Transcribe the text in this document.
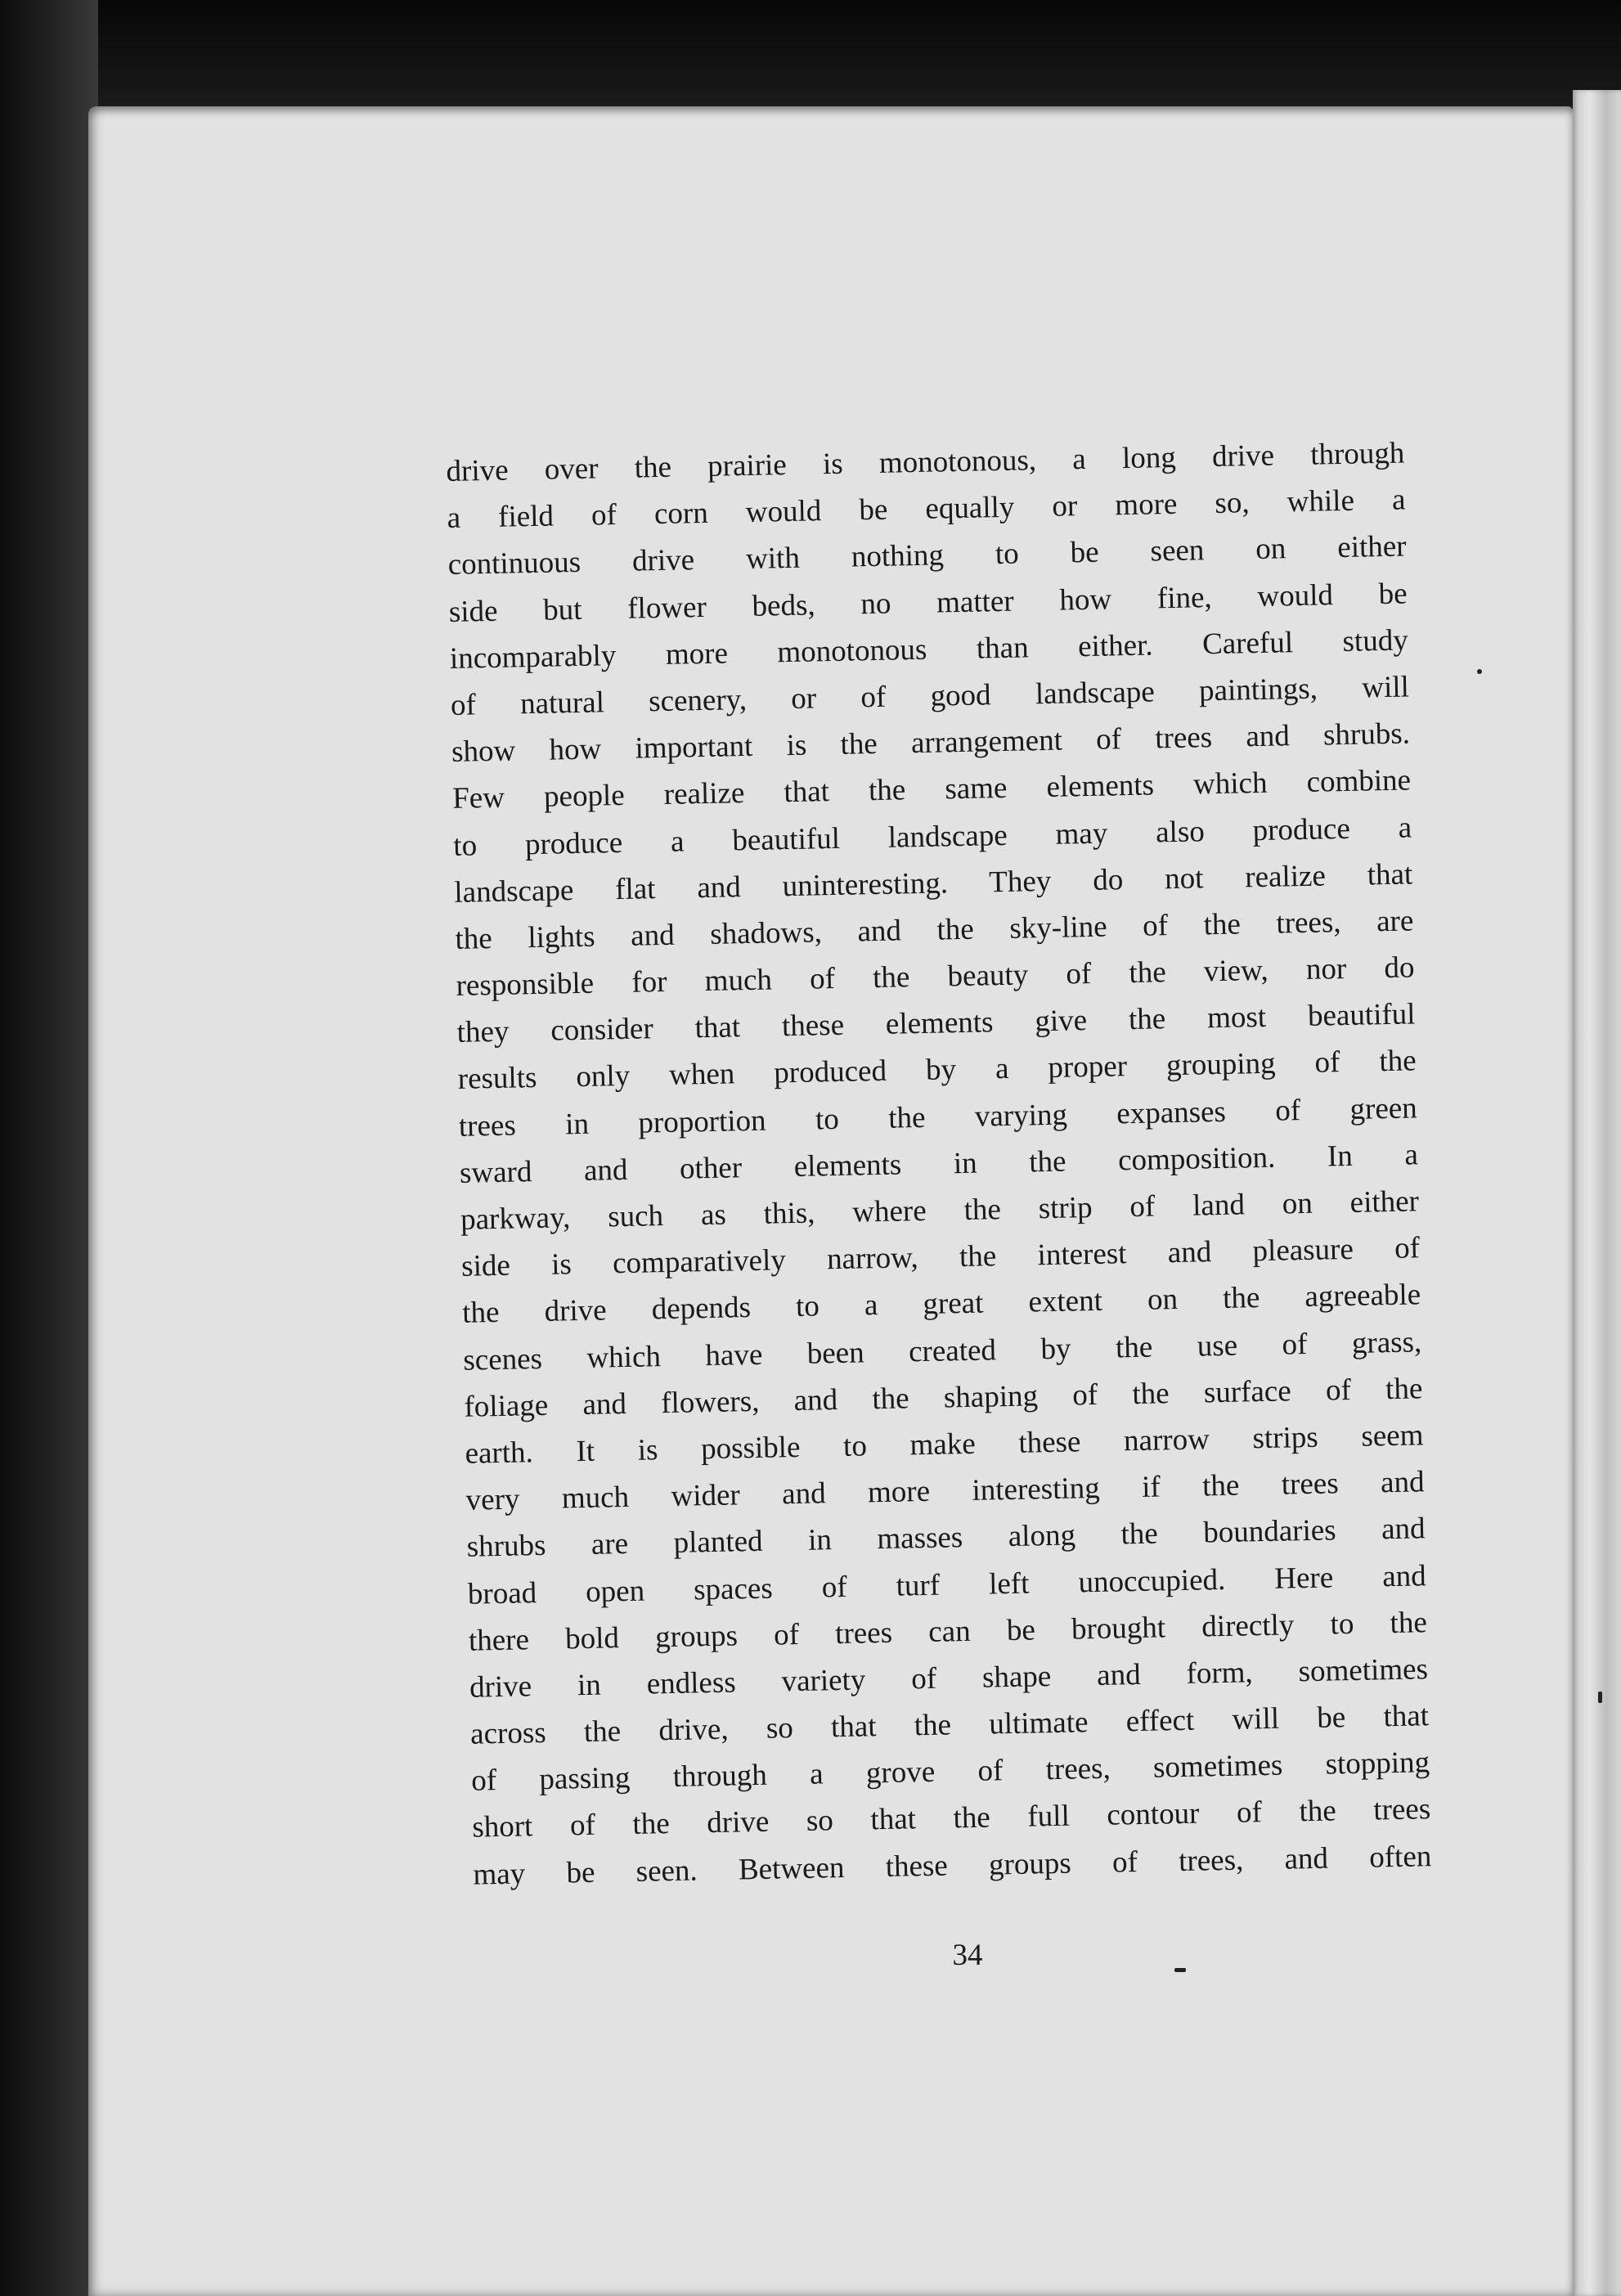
drive over the prairie is monotonous, a long drive through
a field of corn would be equally or more so, while a
continuous drive with nothing to be seen on either
side but flower beds, no matter how fine, would be
incomparably more monotonous than either. Careful study
of natural scenery, or of good landscape paintings, will
show how important is the arrangement of trees and shrubs.
Few people realize that the same elements which combine
to produce a beautiful landscape may also produce a
landscape flat and uninteresting. They do not realize that
the lights and shadows, and the sky-line of the trees, are
responsible for much of the beauty of the view, nor do
they consider that these elements give the most beautiful
results only when produced by a proper grouping of the
trees in proportion to the varying expanses of green
sward and other elements in the composition. In a
parkway, such as this, where the strip of land on either
side is comparatively narrow, the interest and pleasure of
the drive depends to a great extent on the agreeable
scenes which have been created by the use of grass,
foliage and flowers, and the shaping of the surface of the
earth. It is possible to make these narrow strips seem
very much wider and more interesting if the trees and
shrubs are planted in masses along the boundaries and
broad open spaces of turf left unoccupied. Here and
there bold groups of trees can be brought directly to the
drive in endless variety of shape and form, sometimes
across the drive, so that the ultimate effect will be that
of passing through a grove of trees, sometimes stopping
short of the drive so that the full contour of the trees
may be seen. Between these groups of trees, and often
34
